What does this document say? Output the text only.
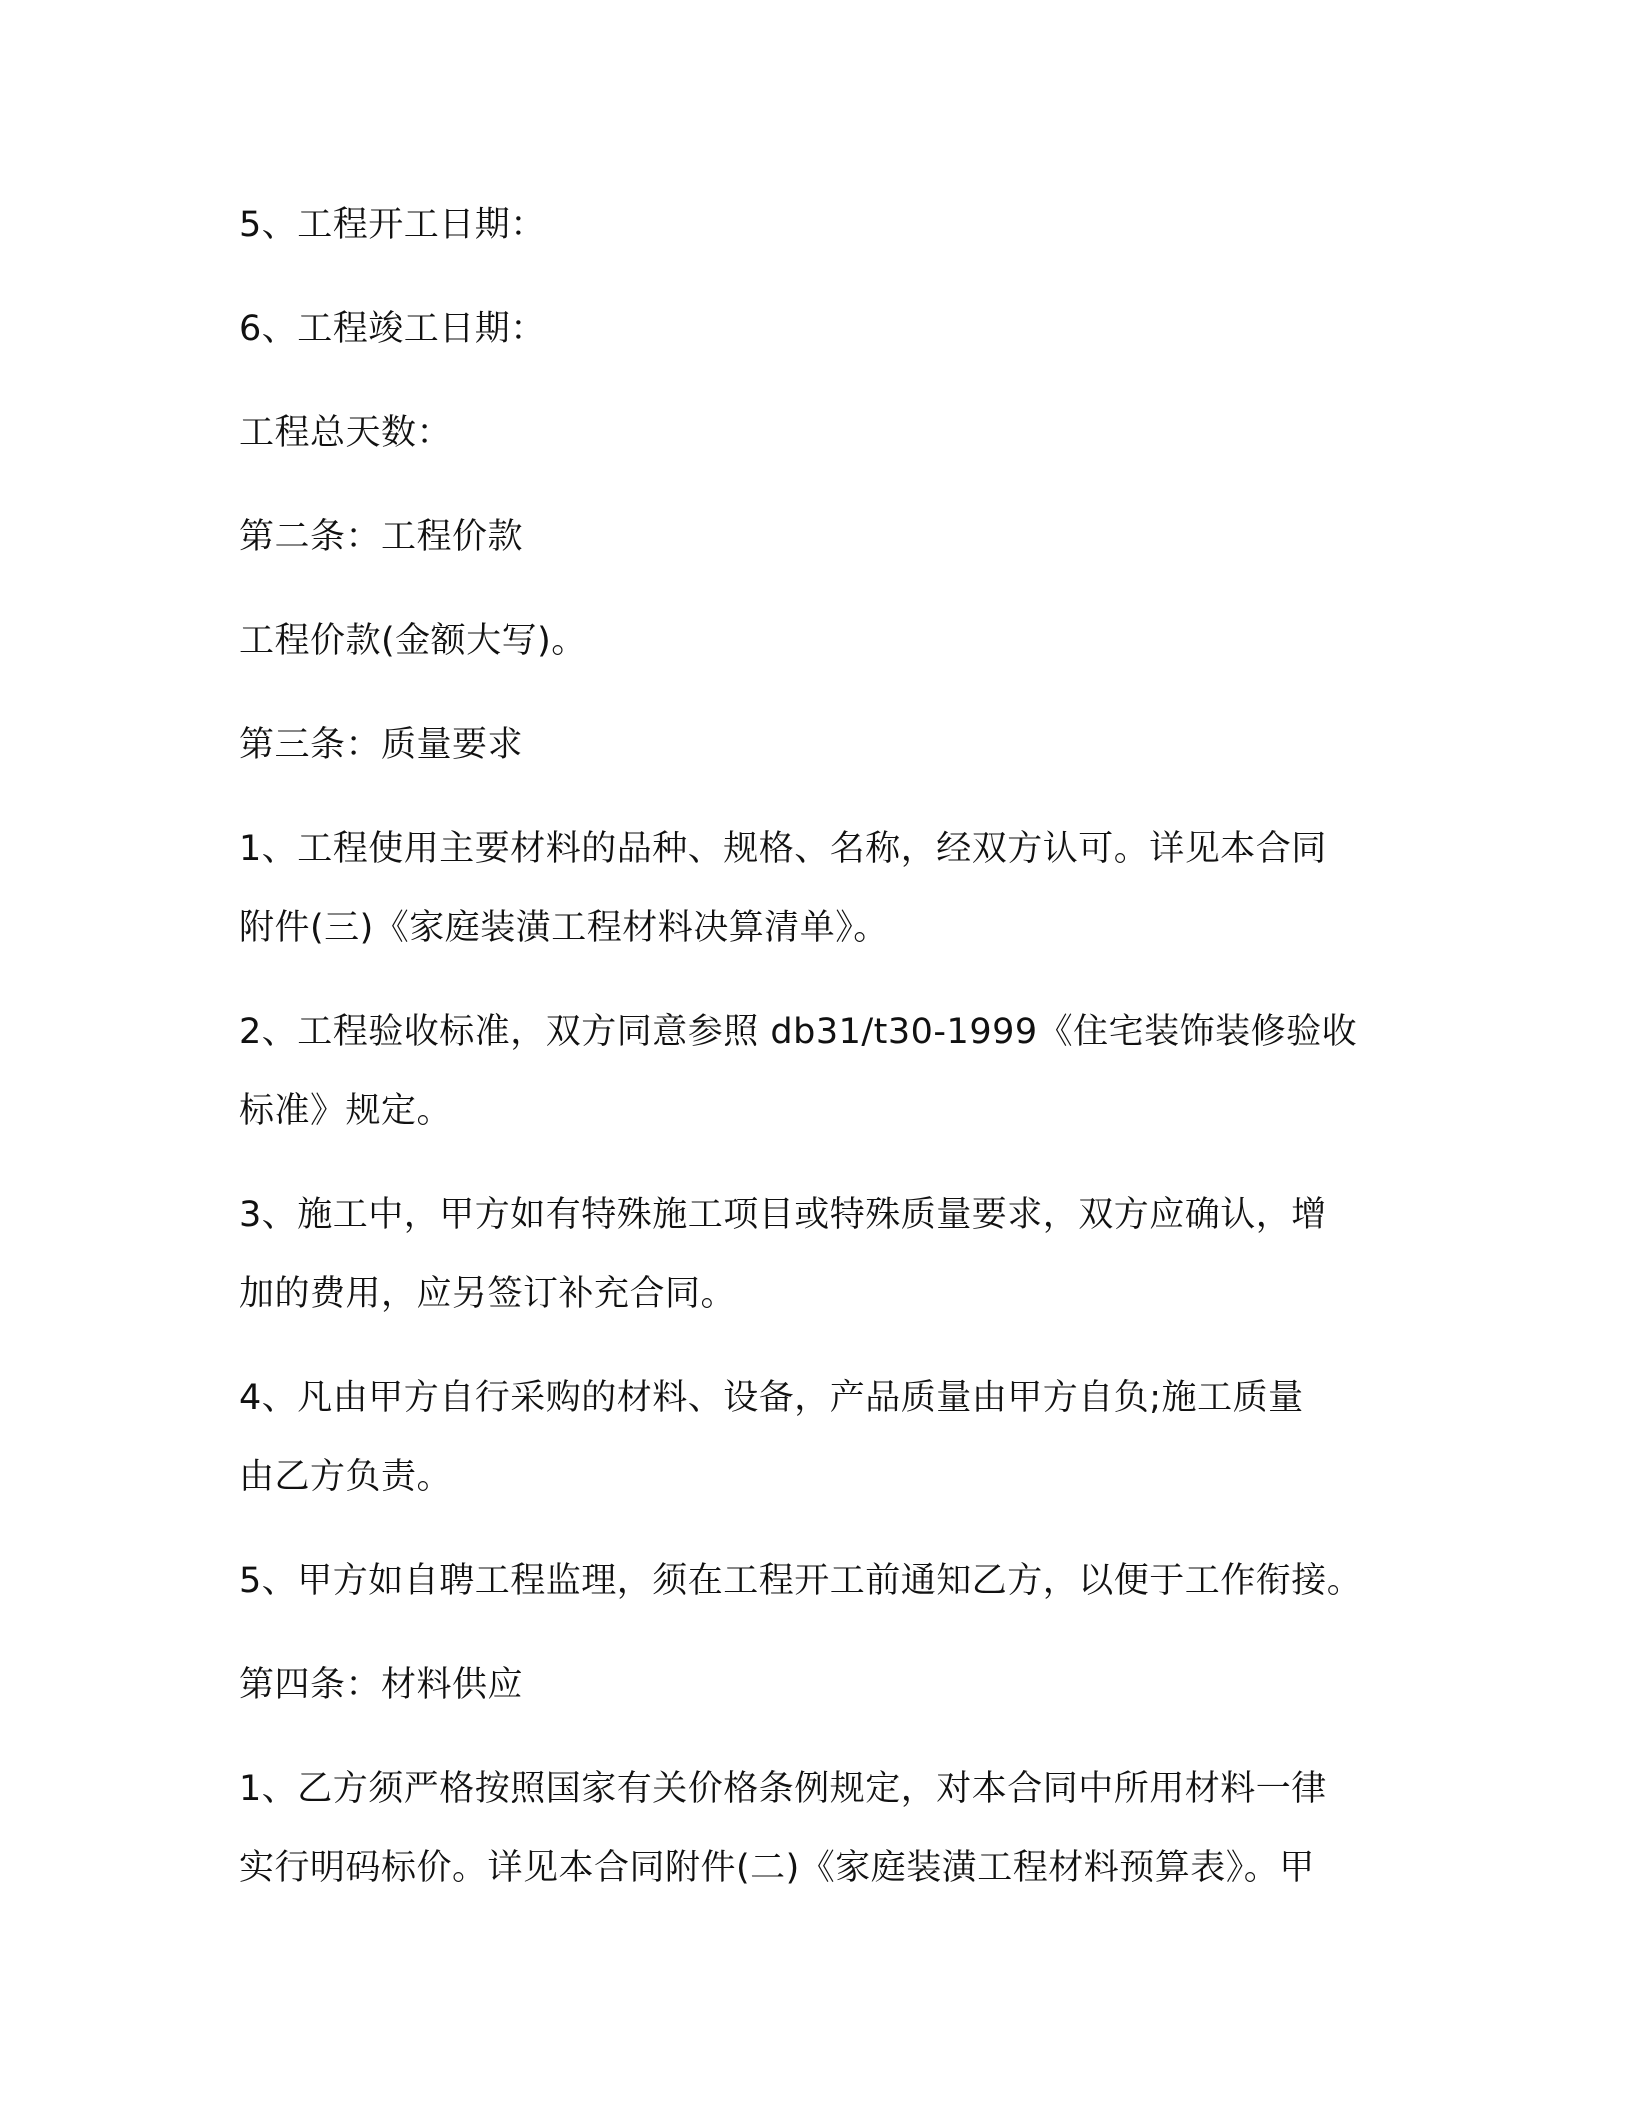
5、工程开工日期：

6、工程竣工日期：

工程总天数：

第二条：工程价款

工程价款(金额大写)。

第三条：质量要求

1、工程使用主要材料的品种、规格、名称，经双方认可。详见本合同
附件(三)《家庭装潢工程材料决算清单》。

2、工程验收标准，双方同意参照 db31/t30-1999《住宅装饰装修验收
标准》规定。

3、施工中，甲方如有特殊施工项目或特殊质量要求，双方应确认，增
加的费用，应另签订补充合同。

4、凡由甲方自行采购的材料、设备，产品质量由甲方自负;施工质量
由乙方负责。

5、甲方如自聘工程监理，须在工程开工前通知乙方，以便于工作衔接。

第四条：材料供应

1、乙方须严格按照国家有关价格条例规定，对本合同中所用材料一律
实行明码标价。详见本合同附件(二)《家庭装潢工程材料预算表》。甲
